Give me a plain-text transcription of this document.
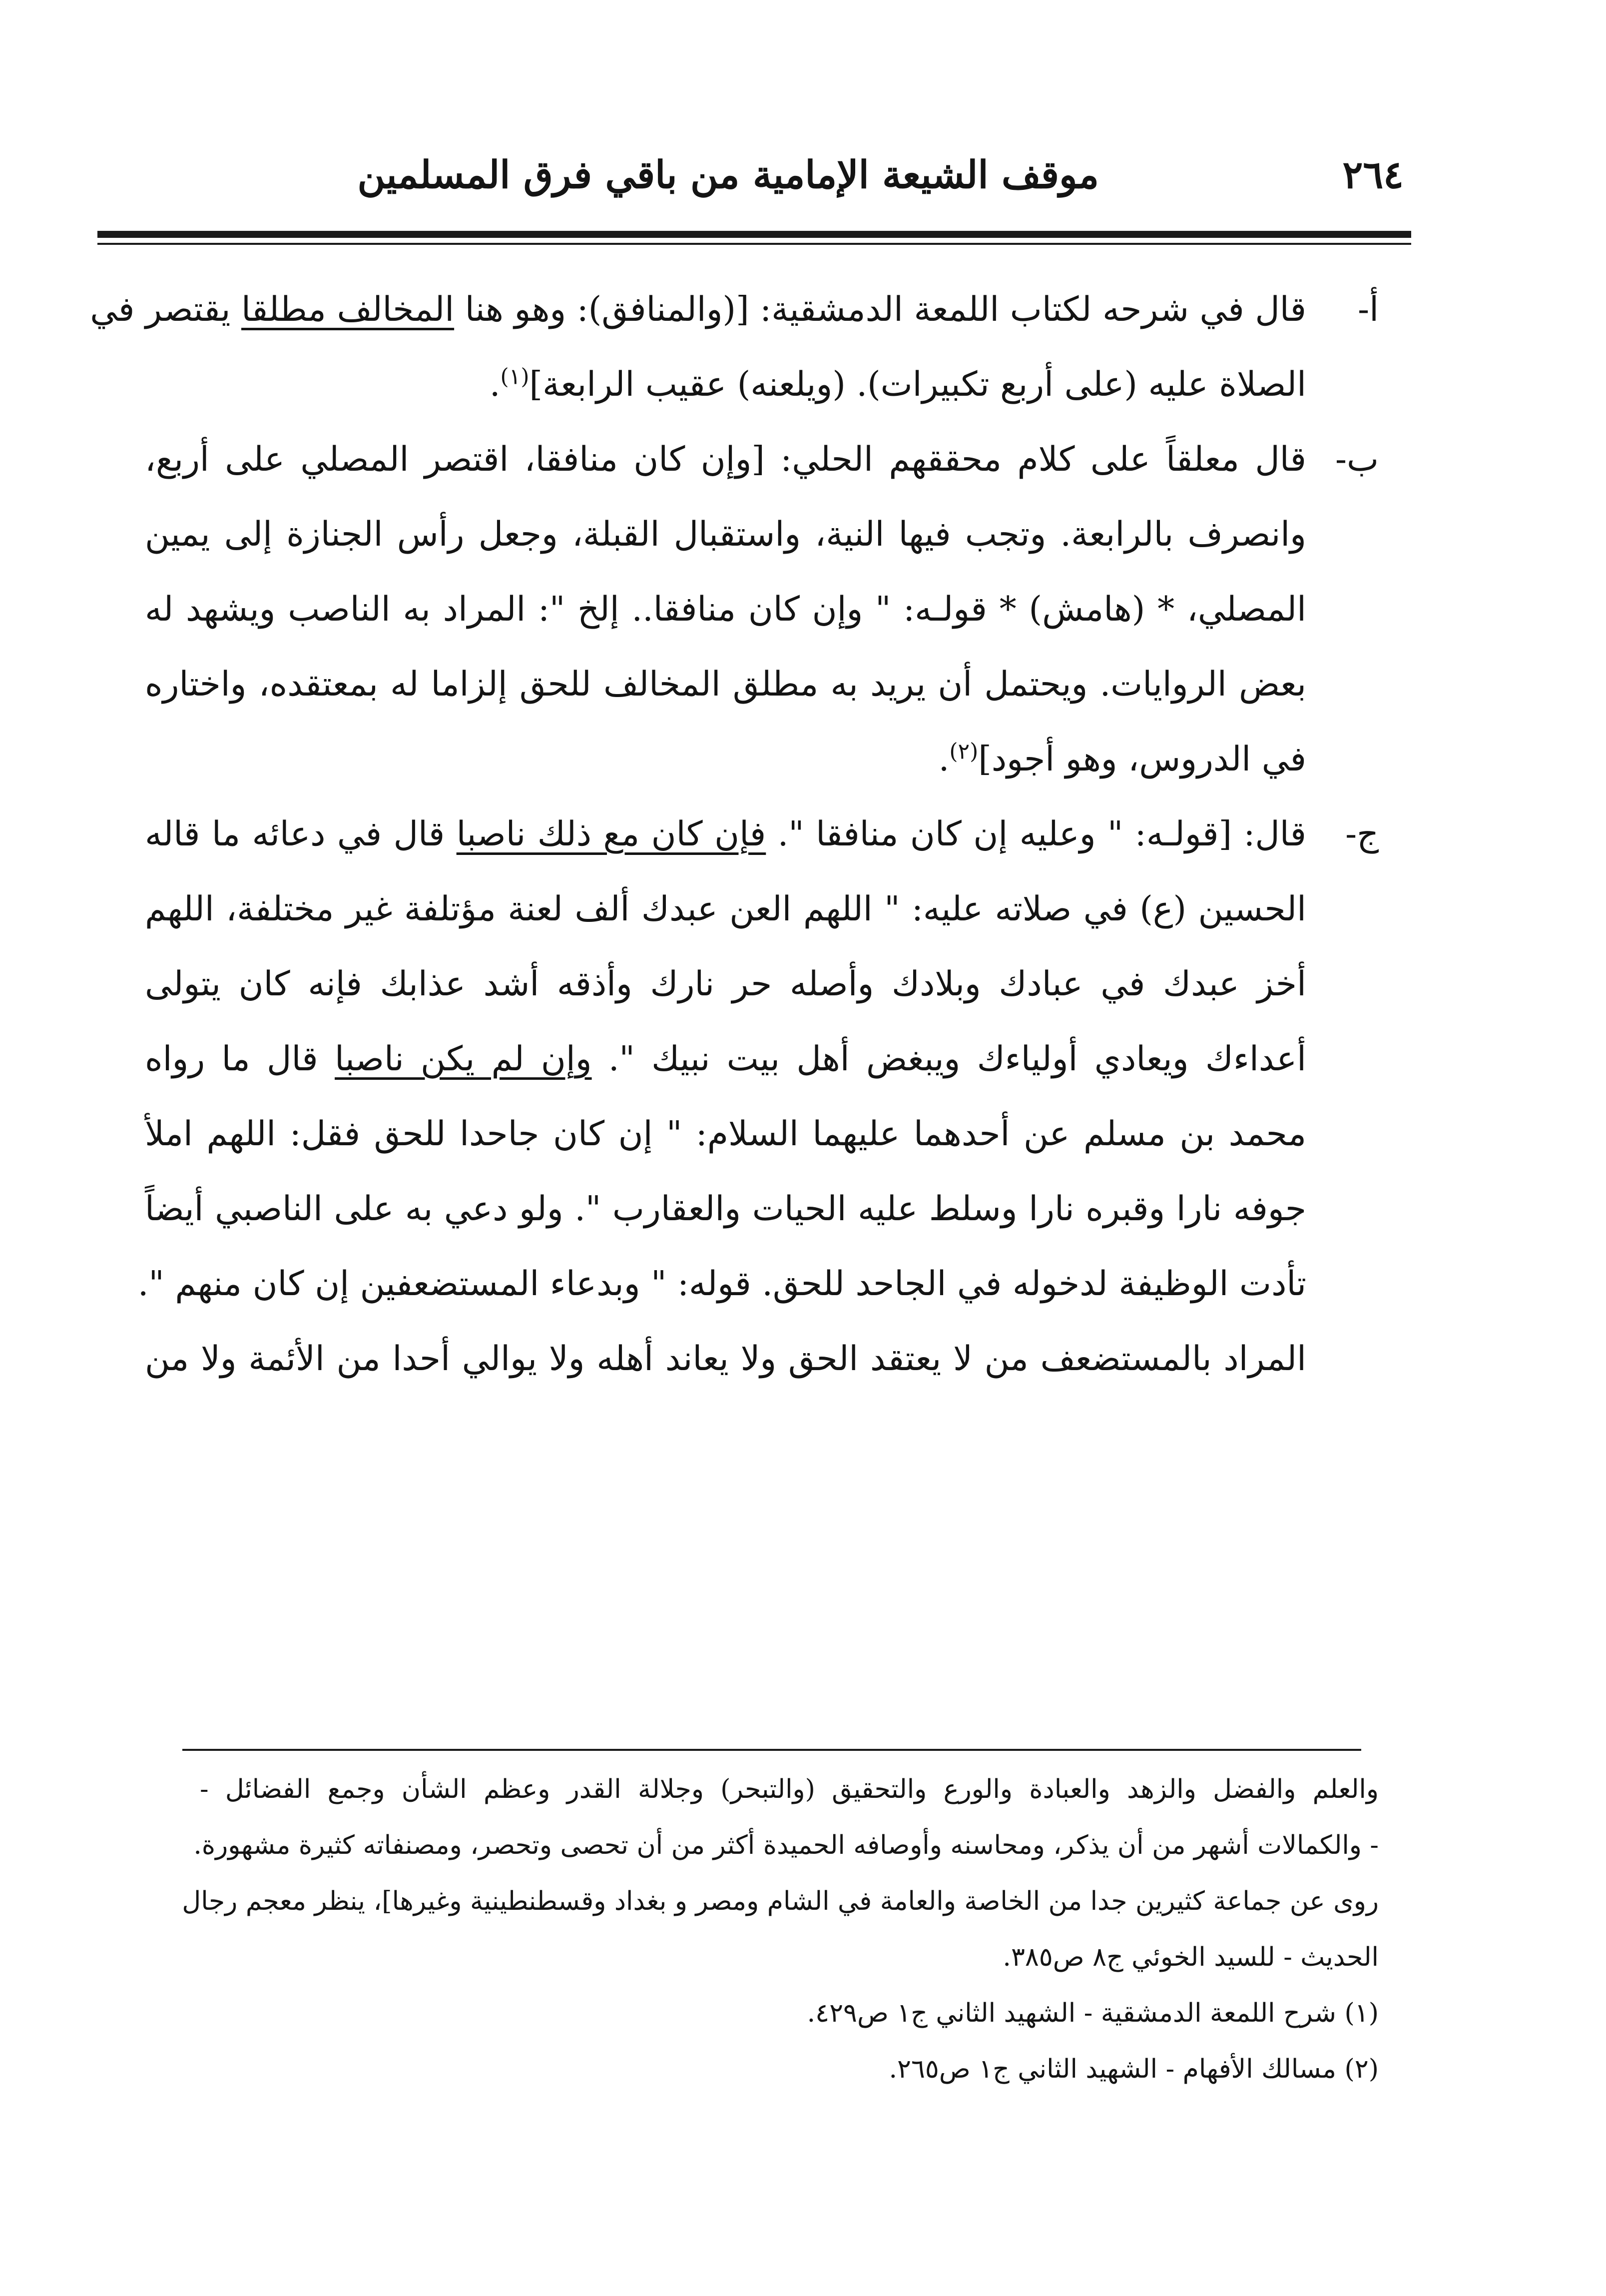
٢٦٤
موقف الشيعة الإمامية من باقي فرق المسلمين
أ-
قال في شرحه لكتاب اللمعة الدمشقية: [(والمنافق): وهو هنا المخالف مطلقا يقتصر في
الصلاة عليه (على أربع تكبيرات). (ويلعنه) عقيب الرابعة]$^{(١)}$.
ب-
قال معلقاً على كلام محققهم الحلي: [وإن كان منافقا، اقتصر المصلي على أربع،
وانصرف بالرابعة. وتجب فيها النية، واستقبال القبلة، وجعل رأس الجنازة إلى يمين
المصلي، * (هامش) * قولـه: " وإن كان منافقا.. إلخ ": المراد به الناصب ويشهد له
بعض الروايات. ويحتمل أن يريد به مطلق المخالف للحق إلزاما له بمعتقده، واختاره
في الدروس، وهو أجود]$^{(٢)}$.
ج-
قال: [قولـه: " وعليه إن كان منافقا ". فإن كان مع ذلك ناصبا قال في دعائه ما قاله
الحسين (ع) في صلاته عليه: " اللهم العن عبدك ألف لعنة مؤتلفة غير مختلفة، اللهم
أخز عبدك في عبادك وبلادك وأصله حر نارك وأذقه أشد عذابك فإنه كان يتولى
أعداءك ويعادي أولياءك ويبغض أهل بيت نبيك ". وإن لم يكن ناصبا قال ما رواه
محمد بن مسلم عن أحدهما عليهما السلام: " إن كان جاحدا للحق فقل: اللهم املأ
جوفه نارا وقبره نارا وسلط عليه الحيات والعقارب ". ولو دعي به على الناصبي أيضاً
تأدت الوظيفة لدخوله في الجاحد للحق. قوله: " وبدعاء المستضعفين إن كان منهم ".
المراد بالمستضعف من لا يعتقد الحق ولا يعاند أهله ولا يوالي أحدا من الأئمة ولا من
والعلم والفضل والزهد والعبادة والورع والتحقيق (والتبحر) وجلالة القدر وعظم الشأن وجمع الفضائل -
- والكمالات أشهر من أن يذكر، ومحاسنه وأوصافه الحميدة أكثر من أن تحصى وتحصر، ومصنفاته كثيرة مشهورة.
روى عن جماعة كثيرين جدا من الخاصة والعامة في الشام ومصر و بغداد وقسطنطينية وغيرها]، ينظر معجم رجال
الحديث - للسيد الخوئي ج٨ ص٣٨٥.
(١) شرح اللمعة الدمشقية - الشهيد الثاني ج١ ص٤٢٩.
(٢) مسالك الأفهام - الشهيد الثاني ج١ ص٢٦٥.
